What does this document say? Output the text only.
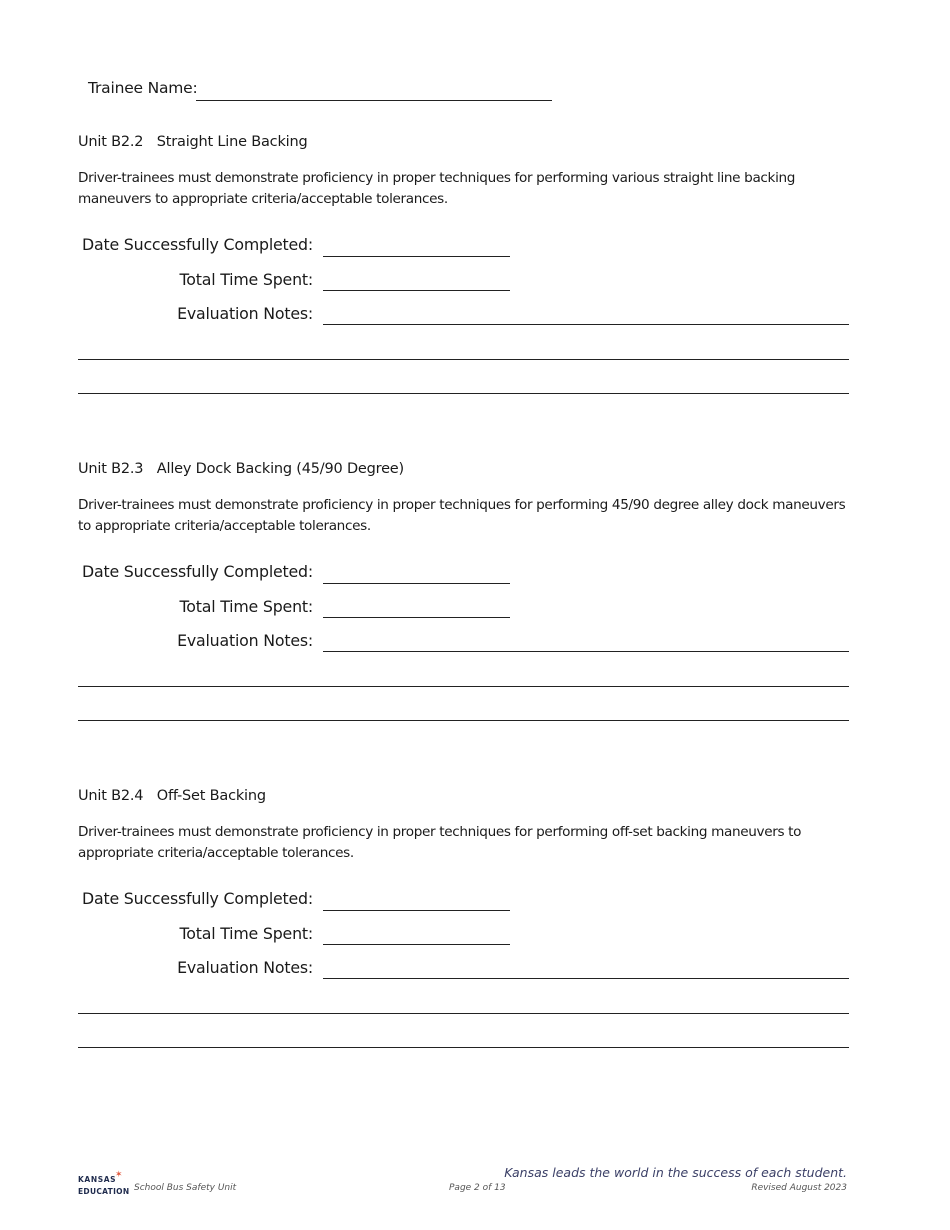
Trainee Name:
Unit B2.2 Straight Line Backing
Driver-trainees must demonstrate proficiency in proper techniques for performing various straight line backing maneuvers to appropriate criteria/acceptable tolerances.
Date Successfully Completed:
Total Time Spent:
Evaluation Notes:
Unit B2.3 Alley Dock Backing (45/90 Degree)
Driver-trainees must demonstrate proficiency in proper techniques for performing 45/90 degree alley dock maneuvers to appropriate criteria/acceptable tolerances.
Date Successfully Completed:
Total Time Spent:
Evaluation Notes:
Unit B2.4 Off-Set Backing
Driver-trainees must demonstrate proficiency in proper techniques for performing off-set backing maneuvers to appropriate criteria/acceptable tolerances.
Date Successfully Completed:
Total Time Spent:
Evaluation Notes:
KANSAS
✶
EDUCATION School Bus Safety Unit	Page 2 of 13
Kansas leads the world in the success of each student.
Revised August 2023
